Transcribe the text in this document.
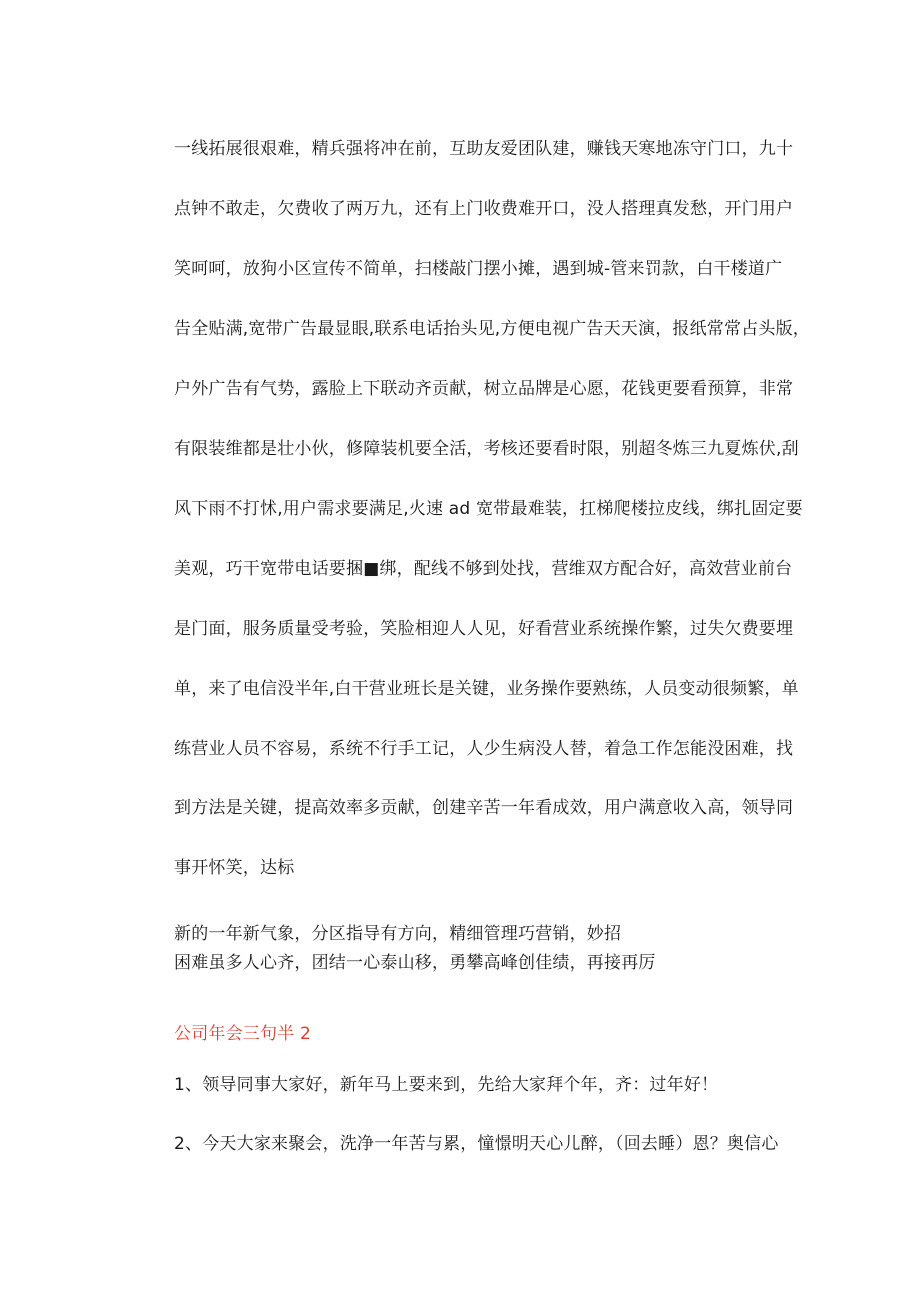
一线拓展很艰难，精兵强将冲在前，互助友爱团队建，赚钱天寒地冻守门口，九十
点钟不敢走，欠费收了两万九，还有上门收费难开口，没人搭理真发愁，开门用户
笑呵呵，放狗小区宣传不简单，扫楼敲门摆小摊，遇到城-管来罚款，白干楼道广
告全贴满,宽带广告最显眼,联系电话抬头见,方便电视广告天天演，报纸常常占头版，
户外广告有气势，露脸上下联动齐贡献，树立品牌是心愿，花钱更要看预算，非常
有限装维都是壮小伙，修障装机要全活，考核还要看时限，别超冬炼三九夏炼伏,刮
风下雨不打怵,用户需求要满足,火速 ad 宽带最难装，扛梯爬楼拉皮线，绑扎固定要
美观，巧干宽带电话要捆■绑，配线不够到处找，营维双方配合好，高效营业前台
是门面，服务质量受考验，笑脸相迎人人见，好看营业系统操作繁，过失欠费要埋
单，来了电信没半年,白干营业班长是关键，业务操作要熟练，人员变动很频繁，单
练营业人员不容易，系统不行手工记，人少生病没人替，着急工作怎能没困难，找
到方法是关键，提高效率多贡献，创建辛苦一年看成效，用户满意收入高，领导同
事开怀笑，达标
新的一年新气象，分区指导有方向，精细管理巧营销，妙招
困难虽多人心齐，团结一心泰山移，勇攀高峰创佳绩，再接再厉
公司年会三句半 2
1、领导同事大家好，新年马上要来到，先给大家拜个年，齐：过年好！
2、今天大家来聚会，洗净一年苦与累，憧憬明天心儿醉，（回去睡）恩？奥信心
